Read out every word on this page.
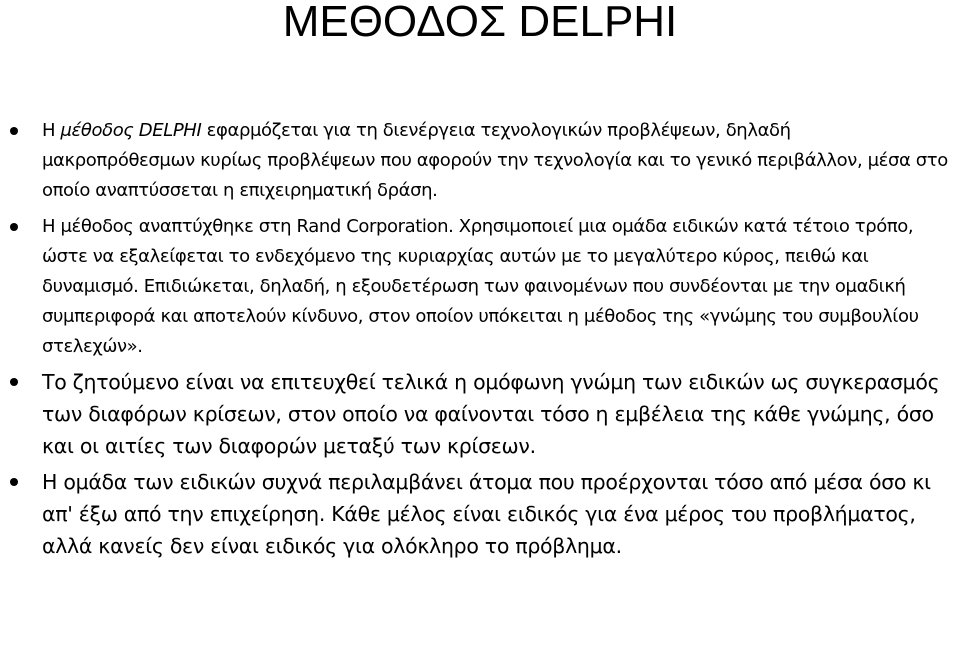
ΜΕΘΟΔΟΣ DELPHI
Η μέθοδος DELPHI εφαρμόζεται για τη διενέργεια τεχνολογικών προβλέψεων, δηλαδή μακροπρόθεσμων κυρίως προβλέψεων που αφορούν την τεχνολογία και το γενικό περιβάλλον, μέσα στο οποίο αναπτύσσεται η επιχειρηματική δράση.
Η μέθοδος αναπτύχθηκε στη Rand Corporation. Χρησιμοποιεί μια ομάδα ειδικών κατά τέτοιο τρόπο, ώστε να εξαλείφεται το ενδεχόμενο της κυριαρχίας αυτών με το μεγαλύτερο κύρος, πειθώ και δυναμισμό. Επιδιώκεται, δηλαδή, η εξουδετέρωση των φαινομένων που συνδέονται με την ομαδική συμπεριφορά και αποτελούν κίνδυνο, στον οποίον υπόκειται η μέθοδος της «γνώμης του συμβουλίου στελεχών».
Το ζητούμενο είναι να επιτευχθεί τελικά η ομόφωνη γνώμη των ειδικών ως συγκερασμός των διαφόρων κρίσεων, στον οποίο να φαίνονται τόσο η εμβέλεια της κάθε γνώμης, όσο και οι αιτίες των διαφορών μεταξύ των κρίσεων.
Η ομάδα των ειδικών συχνά περιλαμβάνει άτομα που προέρχονται τόσο από μέσα όσο κι απ' έξω από την επιχείρηση. Κάθε μέλος είναι ειδικός για ένα μέρος του προβλήματος, αλλά κανείς δεν είναι ειδικός για ολόκληρο το πρόβλημα.
